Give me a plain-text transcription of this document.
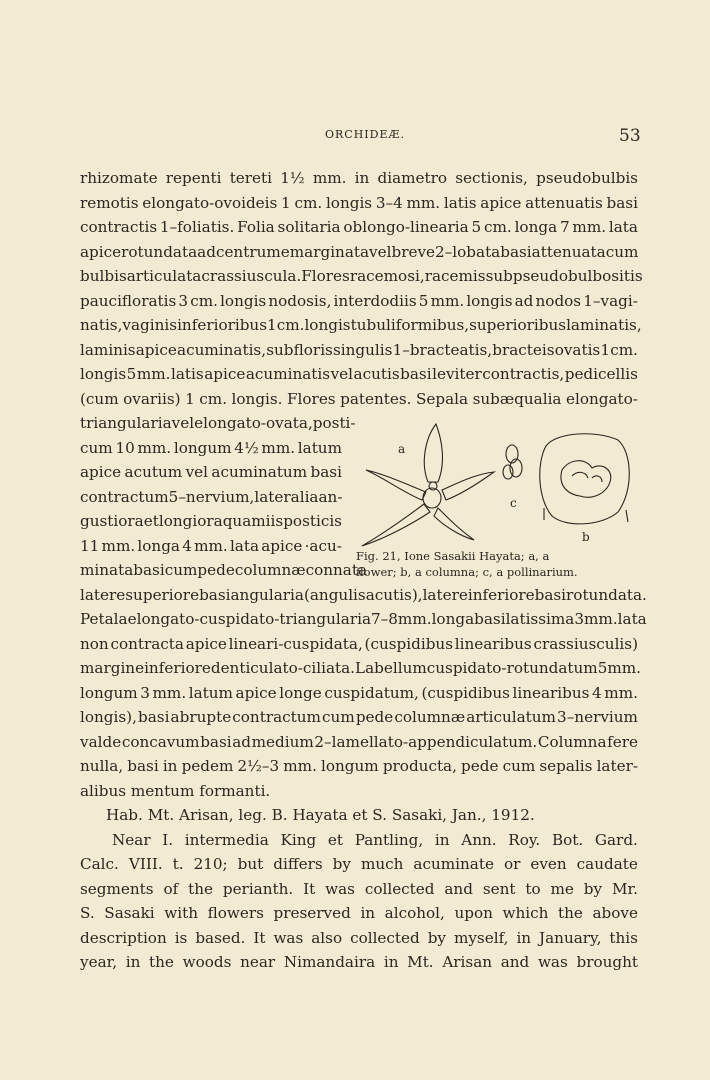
ORCHIDEÆ.	53
rhizomate repenti tereti 1½ mm. in diametro sectionis, pseudobulbis
remotis elongato-ovoideis 1 cm. longis 3–4 mm. latis apice attenuatis basi
contractis 1–foliatis. Folia solitaria oblongo-linearia 5 cm. longa 7 mm. lata
apice rotundata ad centrum emarginata vel breve 2–lobata basi attenuata cum
bulbis articulata crassiuscula. Flores racemosi, racemis sub pseudobulbo sitis
paucifloratis 3 cm. longis nodosis, interdodiis 5 mm. longis ad nodos 1–vagi-
natis, vaginis inferioribus 1 cm. longis tubuliformibus, superioribus laminatis,
laminis apice acuminatis, sub floris singulis 1–bracteatis, bracteis ovatis 1 cm.
longis 5 mm. latis apice acuminatis vel acutis basi leviter contractis, pedicellis
(cum ovariis) 1 cm. longis. Flores patentes. Sepala subæqualia elongato-
triangularia vel elongato-ovata, posti-
cum 10 mm. longum 4½ mm. latum
apice acutum vel acuminatum basi
contractum 5–nervium, lateralia an-
gustiora et longiora quam iis posticis
11 mm. longa 4 mm. lata apice ·acu-
minata basi cum pede columnæ connata
latere superiore basi angularia (angulis acutis), latere inferiore basi rotundata.
Petala elongato-cuspidato-triangularia 7–8 mm. longa basi latissima 3 mm. lata
non contracta apice lineari-cuspidata, (cuspidibus linearibus crassiusculis)
margine inferiore denticulato-ciliata. Labellum cuspidato-rotundatum 5 mm.
longum 3 mm. latum apice longe cuspidatum, (cuspidibus linearibus 4 mm.
longis), basi abrupte contractum cum pede columnæ articulatum 3–nervium
valde concavum basi ad medium 2–lamellato-appendiculatum. Columna fere
nulla, basi in pedem 2½–3 mm. longum producta, pede cum sepalis later-
alibus
mentum
formanti.

Hab.
Mt.
Arisan,
leg.
B.
Hayata
et
S.
Sasaki,
Jan.,
1912.

Near I. intermedia King et Pantling, in Ann. Roy. Bot. Gard.
Calc. VIII. t. 210; but differs by much acuminate or even caudate
segments of the perianth. It was collected and sent to me by Mr.
S. Sasaki with flowers preserved in alcohol, upon which the above
description is based. It was also collected by myself, in January, this
year, in the woods near Nimandaira in Mt. Arisan and was brought
a
c
b
Fig. 21, Ione Sasakii Hayata; a, a
flower; b, a columna; c, a pollinarium.
